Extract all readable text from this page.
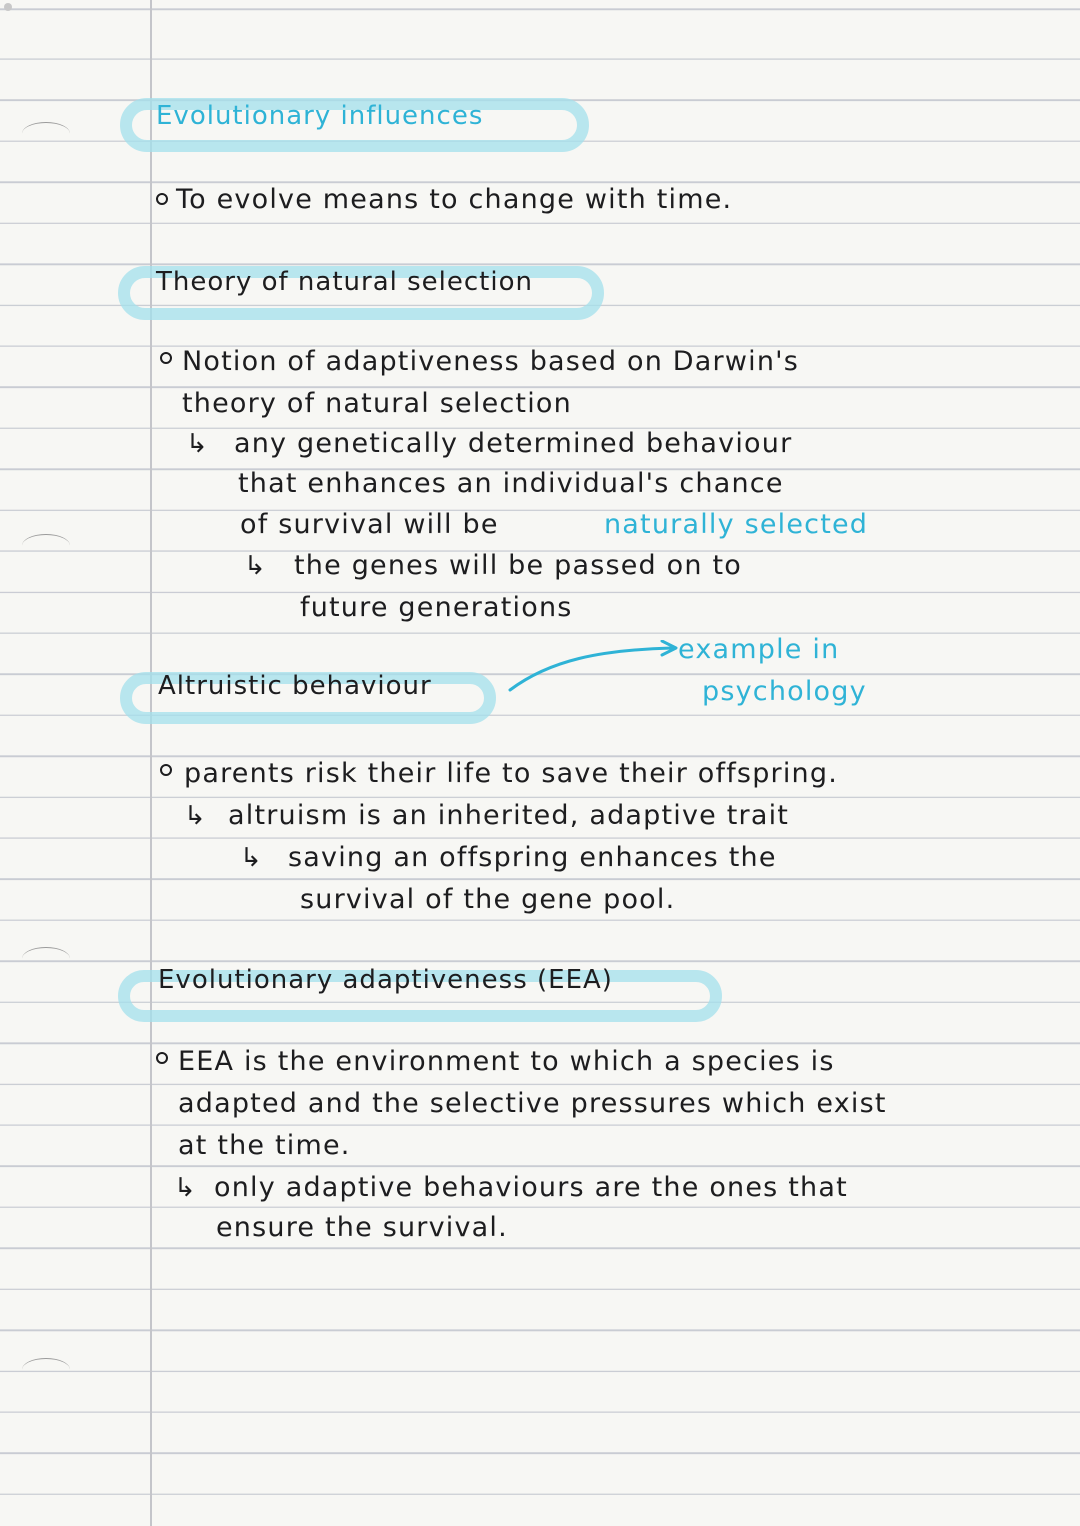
Evolutionary influences

To evolve means to change with time.

Theory of natural selection

Notion of adaptiveness based on Darwin's

theory of natural selection

↳ any genetically determined behaviour

that enhances an individual's chance

of survival will be	naturally selected

↳ the genes will be passed on to

future generations

Altruistic behaviour

example in

psychology

parents risk their life to save their offspring.

↳ altruism is an inherited, adaptive trait

↳ saving an offspring enhances the

survival of the gene pool.

Evolutionary adaptiveness (EEA)

EEA is the environment to which a species is

adapted and the selective pressures which exist

at the time.

↳ only adaptive behaviours are the ones that

ensure the survival.
